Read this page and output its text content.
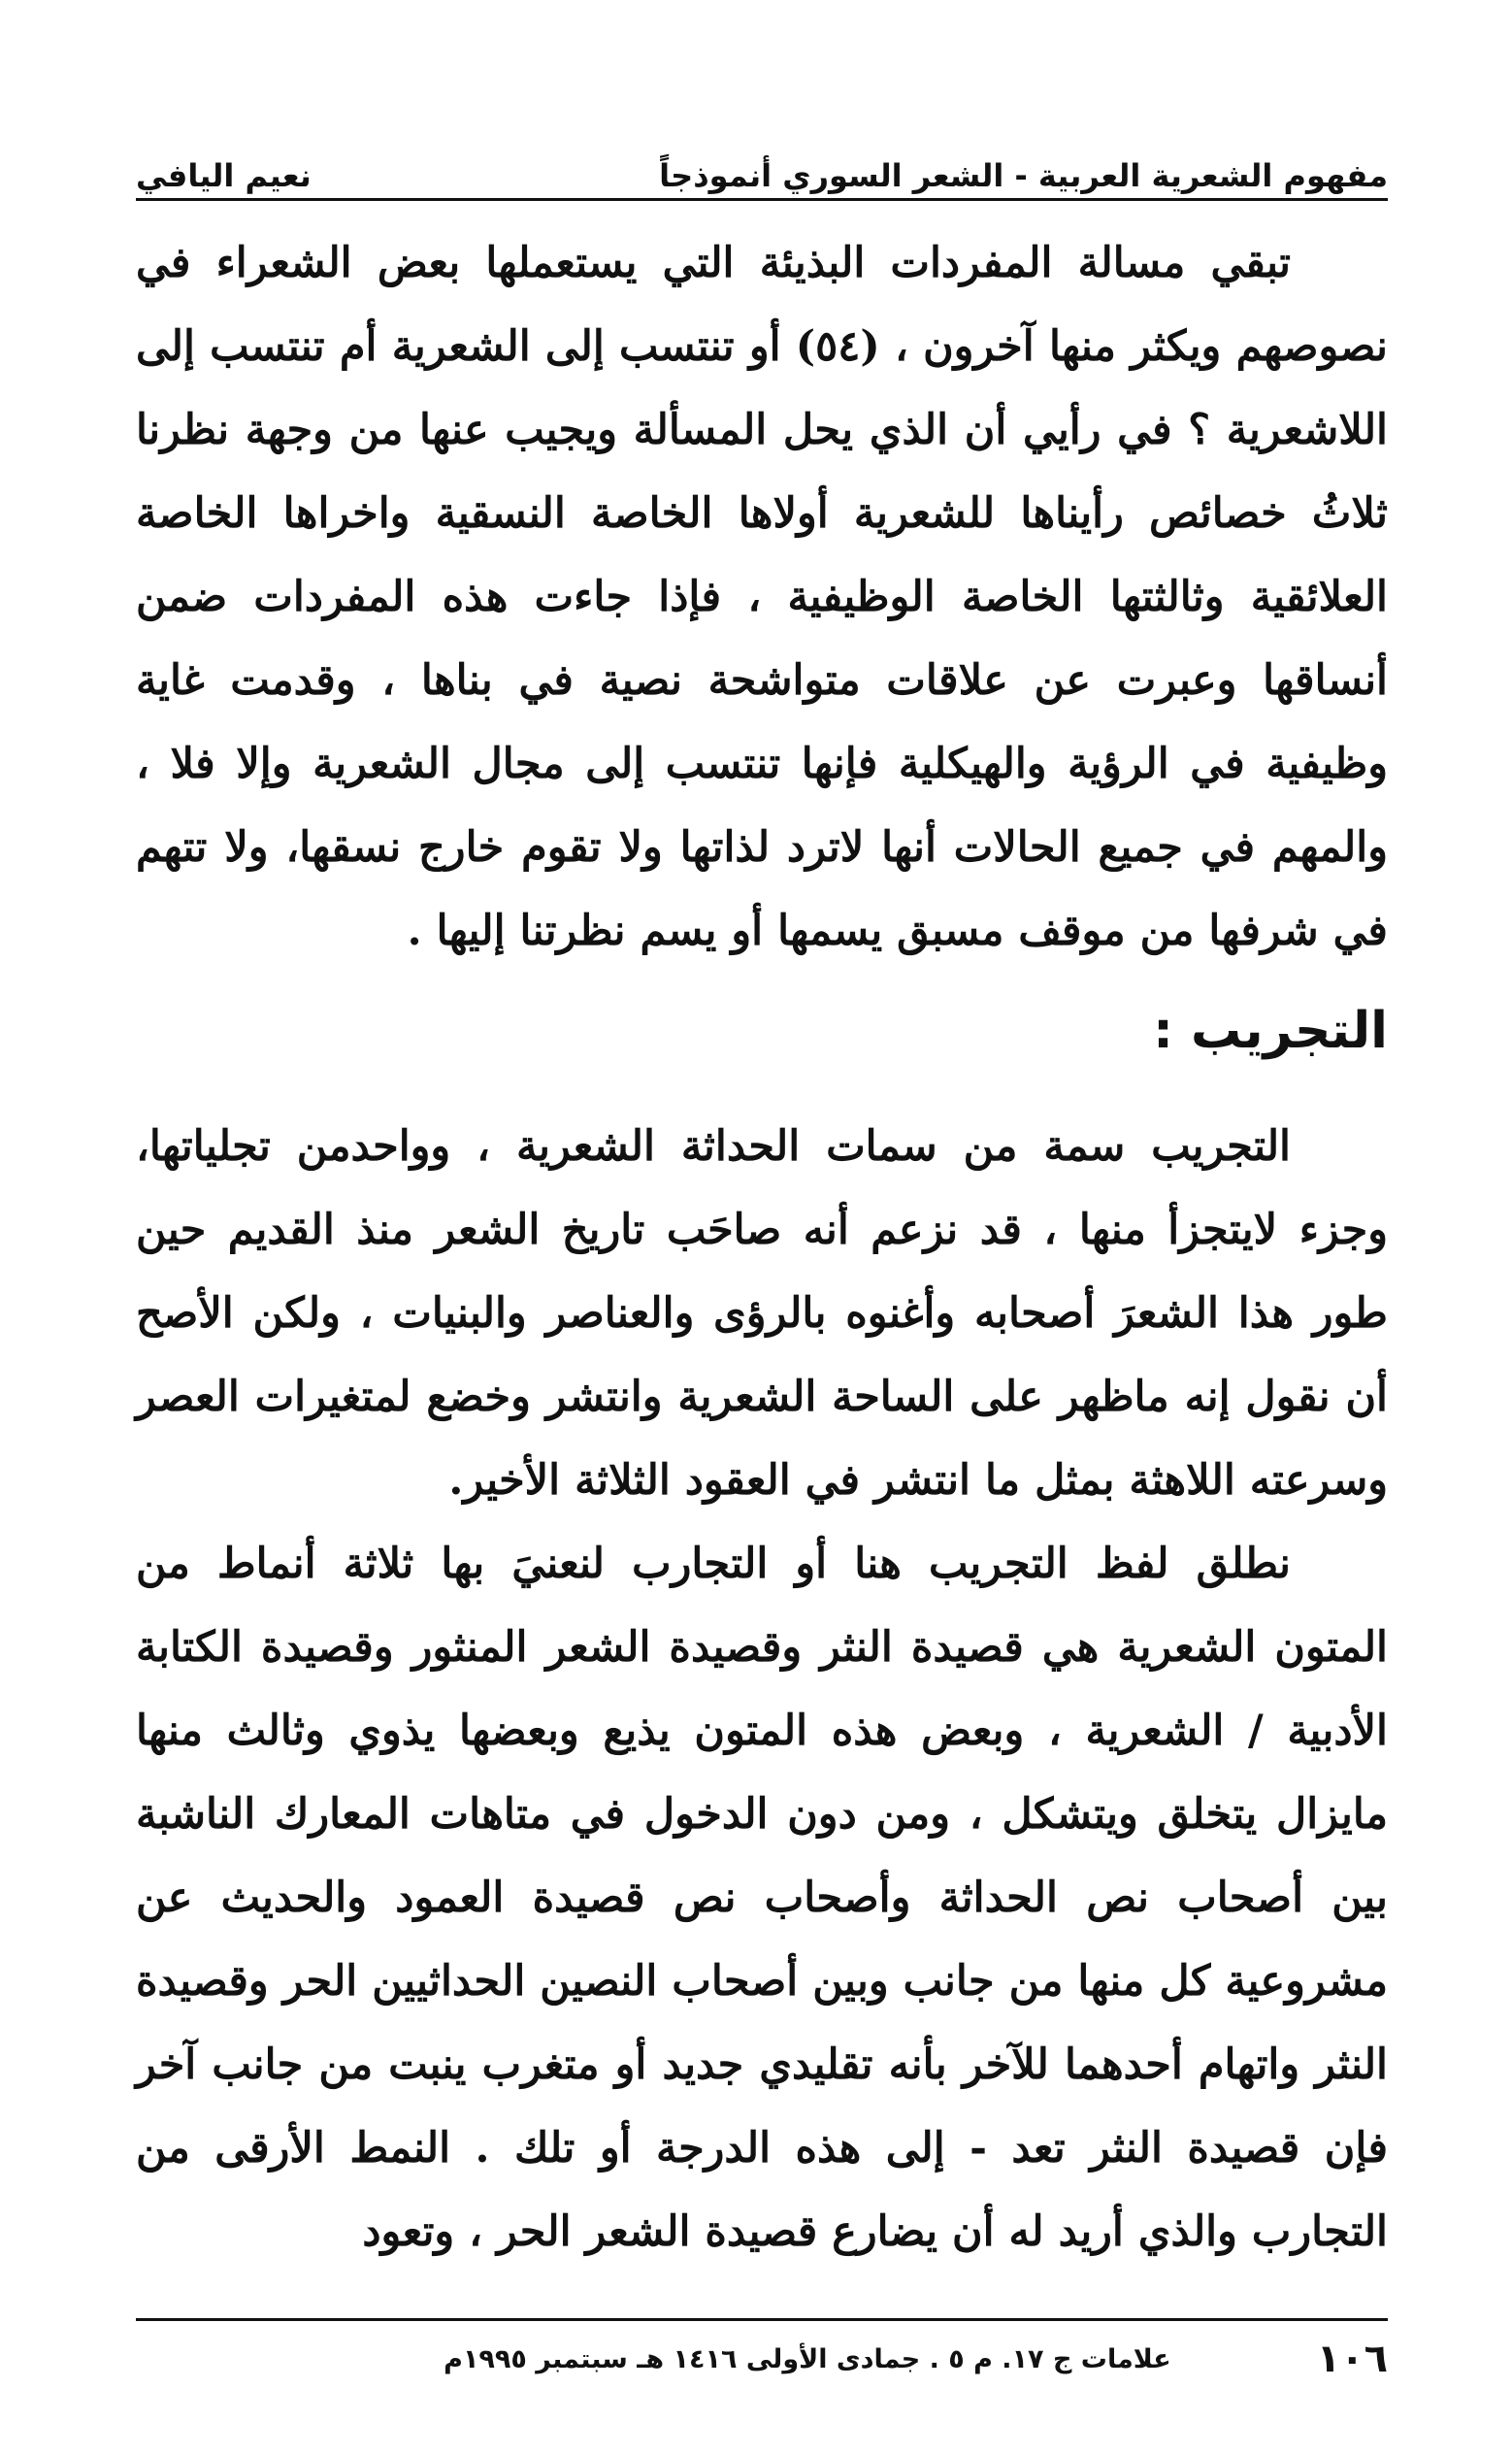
مفهوم الشعرية العربية - الشعر السوري أنموذجاً
نعيم اليافي

تبقي مسالة المفردات البذيئة التي يستعملها بعض الشعراء في نصوصهم ويكثر منها آخرون ، (٥٤) أو تنتسب إلى الشعرية أم تنتسب إلى اللاشعرية ؟ في رأيي أن الذي يحل المسألة ويجيب عنها من وجهة نظرنا ثلاثُ خصائص رأيناها للشعرية أولاها الخاصة النسقية واخراها الخاصة العلائقية وثالثتها الخاصة الوظيفية ، فإذا جاءت هذه المفردات ضمن أنساقها وعبرت عن علاقات متواشحة نصية في بناها ، وقدمت غاية وظيفية في الرؤية والهيكلية فإنها تنتسب إلى مجال الشعرية وإلا فلا ، والمهم في جميع الحالات أنها لاترد لذاتها ولا تقوم خارج نسقها، ولا تتهم في شرفها من موقف مسبق يسمها أو يسم نظرتنا إليها .

التجريب :

التجريب سمة من سمات الحداثة الشعرية ، وواحدمن تجلياتها، وجزء لايتجزأ منها ، قد نزعم أنه صاحَب تاريخ الشعر منذ القديم حين طور هذا الشعرَ أصحابه وأغنوه بالرؤى والعناصر والبنيات ، ولكن الأصح أن نقول إنه ماظهر على الساحة الشعرية وانتشر وخضع لمتغيرات العصر وسرعته اللاهثة بمثل ما انتشر في العقود الثلاثة الأخير.

نطلق لفظ التجريب هنا أو التجارب لنعنيَ بها ثلاثة أنماط من المتون الشعرية هي قصيدة النثر وقصيدة الشعر المنثور وقصيدة الكتابة الأدبية / الشعرية ، وبعض هذه المتون يذيع وبعضها يذوي وثالث منها مايزال يتخلق ويتشكل ، ومن دون الدخول في متاهات المعارك الناشبة بين أصحاب نص الحداثة وأصحاب نص قصيدة العمود والحديث عن مشروعية كل منها من جانب وبين أصحاب النصين الحداثيين الحر وقصيدة النثر واتهام أحدهما للآخر بأنه تقليدي جديد أو متغرب ينبت من جانب آخر فإن قصيدة النثر تعد - إلى هذه الدرجة أو تلك . النمط الأرقى من التجارب والذي أريد له أن يضارع قصيدة الشعر الحر ، وتعود

١٠٦
علامات ج ١٧. م ٥ . جمادى الأولى ١٤١٦ هـ سبتمبر ١٩٩٥م
